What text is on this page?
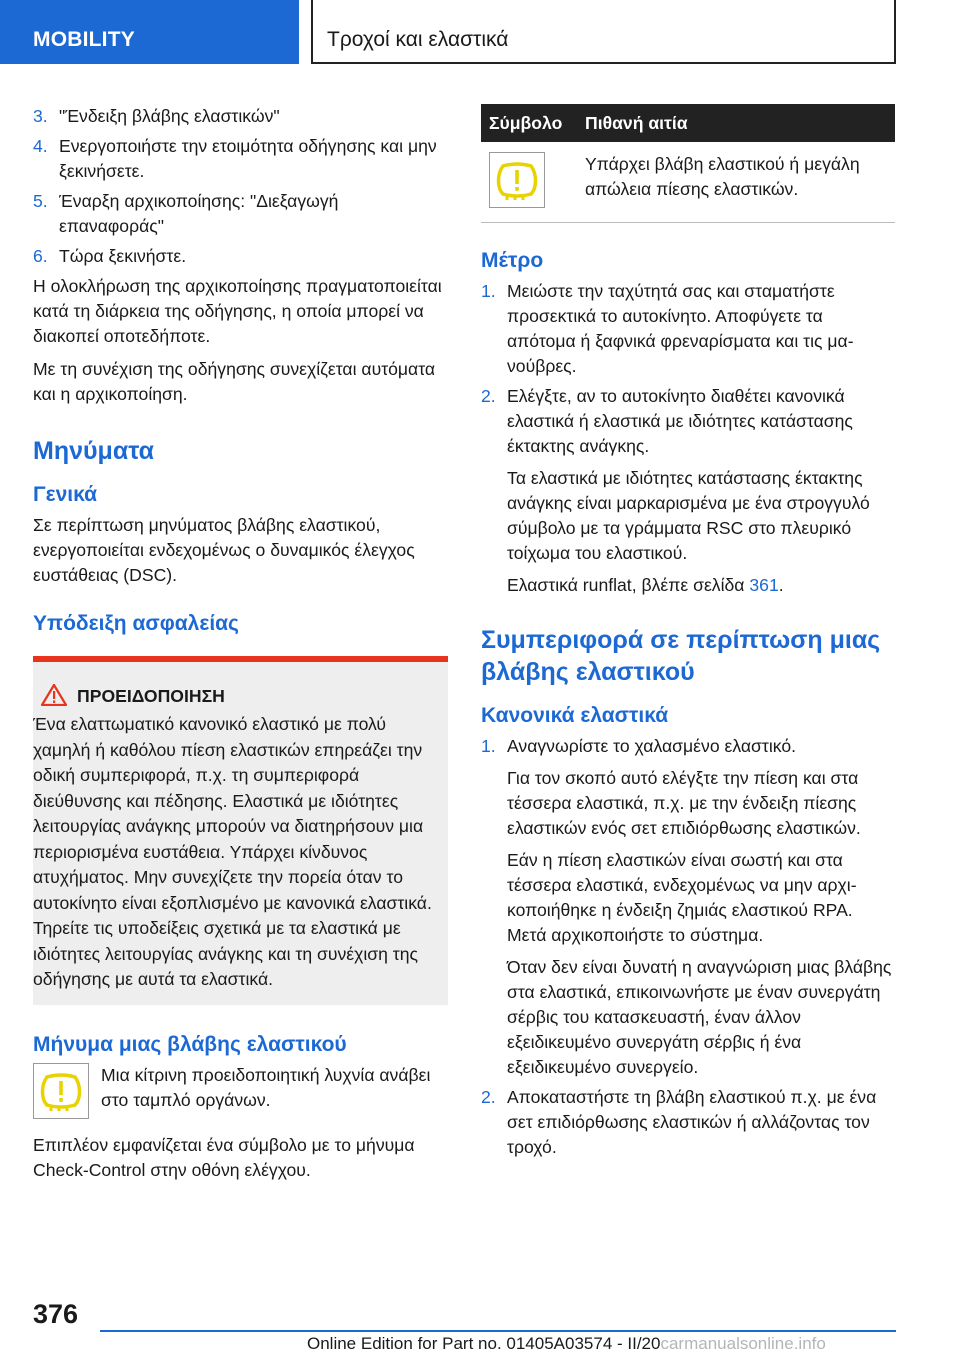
MOBILITY	Τροχοί και ελαστικά
3. "Ένδειξη βλάβης ελαστικών"
4. Ενεργοποιήστε την ετοιμότητα οδήγησης και μην ξεκινήσετε.
5. Έναρξη αρχικοποίησης: "Διεξαγωγή επαναφοράς"
6. Τώρα ξεκινήστε.

Η ολοκλήρωση της αρχικοποίησης πραγματοποιείται κατά τη διάρκεια της οδήγησης, η οποία μπορεί να διακοπεί οποτεδήποτε.

Με τη συνέχιση της οδήγησης συνεχίζεται αυτόματα και η αρχικοποίηση.

Μηνύματα
Γενικά

Σε περίπτωση μηνύματος βλάβης ελαστικού, ενεργοποιείται ενδεχομένως ο δυναμικός έλεγχος ευστάθειας (DSC).

Υπόδειξη ασφαλείας
ΠΡΟΕΙΔΟΠΟΙΗΣΗ
Ένα ελαττωματικό κανονικό ελαστικό με πολύ χαμηλή ή καθόλου πίεση ελαστικών επηρεάζει την οδική συμπεριφορά, π.χ. τη συμπεριφορά διεύθυνσης και πέδησης. Ελαστικά με ιδιότητες λειτουργίας ανάγκης μπορούν να διατηρήσουν μια περιορισμένα ευστάθεια. Υπάρχει κίνδυνος ατυχήματος. Μην συνεχίζετε την πορεία όταν το αυτοκίνητο είναι εξοπλισμένο με κανονικά ελαστικά. Τηρείτε τις υποδείξεις σχετικά με τα ελαστικά με ιδιότητες λειτουργίας ανάγκης και τη συνέχιση της οδήγησης με αυτά τα ελαστικά.
Μήνυμα μιας βλάβης ελαστικού

Μια κίτρινη προειδοποιητική λυχνία ανάβει στο ταμπλό οργάνων.

Επιπλέον εμφανίζεται ένα σύμβολο με το μήνυμα Check-Control στην οθόνη ελέγχου.

Σύμβολο	Πιθανή αιτία

	Υπάρχει βλάβη ελαστικού ή μεγάλη απώλεια πίεσης ελαστικών.
Μέτρο
1. Μειώστε την ταχύτητά σας και σταματήστε προσεκτικά το αυτοκίνητο. Αποφύγετε τα απότομα ή ξαφνικά φρεναρίσματα και τις μανούβρες.
2. Ελέγξτε, αν το αυτοκίνητο διαθέτει κανονικά ελαστικά ή ελαστικά με ιδιότητες κατάστασης έκτακτης ανάγκης.
Τα ελαστικά με ιδιότητες κατάστασης έκτακτης ανάγκης είναι μαρκαρισμένα με ένα στρογγυλό σύμβολο με τα γράμματα RSC στο πλευρικό τοίχωμα του ελαστικού.
Ελαστικά runflat, βλέπε σελίδα 361.
Συμπεριφορά σε περίπτωση μιας βλάβης ελαστικού
Κανονικά ελαστικά
1. Αναγνωρίστε το χαλασμένο ελαστικό.
Για τον σκοπό αυτό ελέγξτε την πίεση και στα τέσσερα ελαστικά, π.χ. με την ένδειξη πίεσης ελαστικών ενός σετ επιδιόρθωσης ελαστικών.
Εάν η πίεση ελαστικών είναι σωστή και στα τέσσερα ελαστικά, ενδεχομένως να μην αρχικοποιήθηκε η ένδειξη ζημιάς ελαστικού RPA. Μετά αρχικοποιήστε το σύστημα.
Όταν δεν είναι δυνατή η αναγνώριση μιας βλάβης στα ελαστικά, επικοινωνήστε με έναν συνεργάτη σέρβις του κατασκευαστή, έναν άλλον εξειδικευμένο συνεργάτη σέρβις ή ένα εξειδικευμένο συνεργείο.
2. Αποκαταστήστε τη βλάβη ελαστικού π.χ. με ένα σετ επιδιόρθωσης ελαστικών ή αλλάζοντας τον τροχό.
376
Online Edition for Part no. 01405A03574 - II/20carmanualsonline.info
